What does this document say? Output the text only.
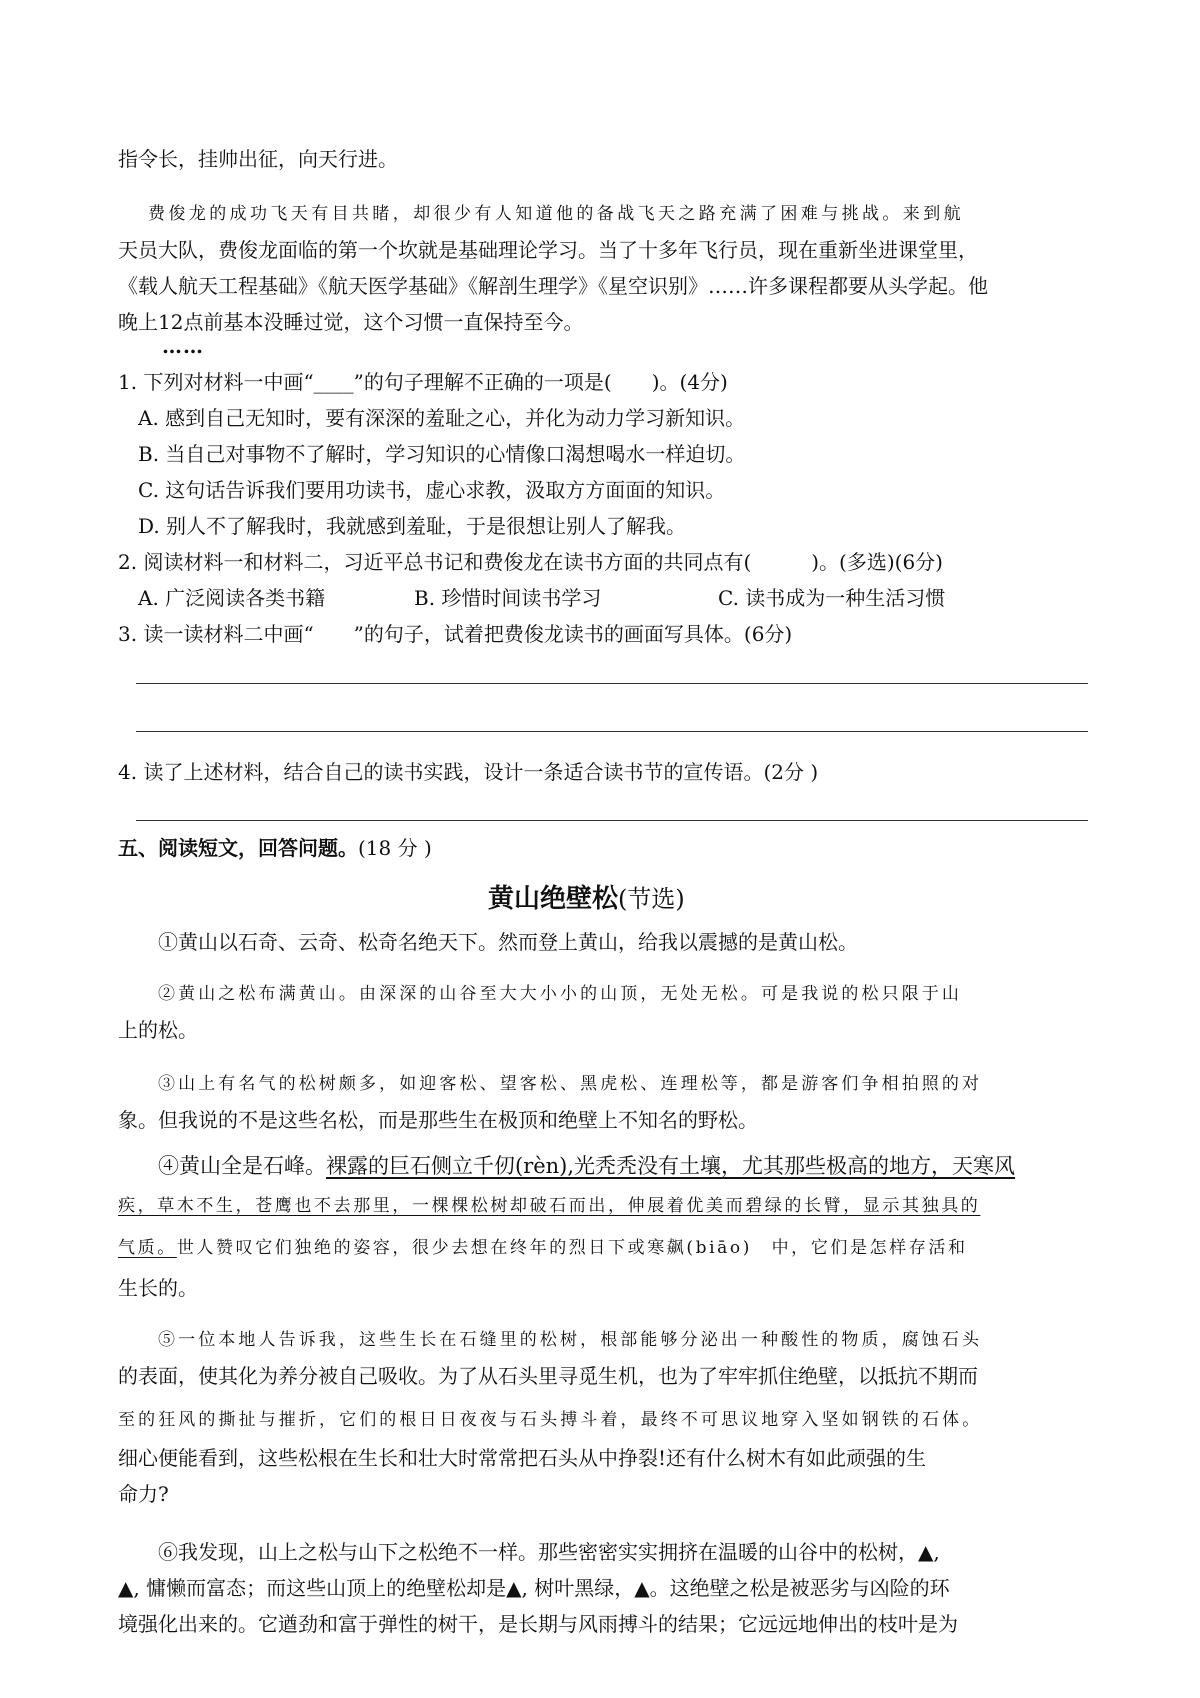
指令长，挂帅出征，向天行进。
费俊龙的成功飞天有目共睹，却很少有人知道他的备战飞天之路充满了困难与挑战。来到航
天员大队，费俊龙面临的第一个坎就是基础理论学习。当了十多年飞行员，现在重新坐进课堂里，
《载人航天工程基础》《航天医学基础》《解剖生理学》《星空识别》……许多课程都要从头学起。他
晚上12点前基本没睡过觉，这个习惯一直保持至今。
……
1. 下列对材料一中画“____”的句子理解不正确的一项是(　　)。(4分)
A. 感到自己无知时，要有深深的羞耻之心，并化为动力学习新知识。
B. 当自己对事物不了解时，学习知识的心情像口渴想喝水一样迫切。
C. 这句话告诉我们要用功读书，虚心求教，汲取方方面面的知识。
D. 别人不了解我时，我就感到羞耻，于是很想让别人了解我。
2. 阅读材料一和材料二，习近平总书记和费俊龙在读书方面的共同点有(　　　)。(多选)(6分)
A. 广泛阅读各类书籍	B. 珍惜时间读书学习	C. 读书成为一种生活习惯
3. 读一读材料二中画“　　”的句子，试着把费俊龙读书的画面写具体。(6分)
4. 读了上述材料，结合自己的读书实践，设计一条适合读书节的宣传语。(2分 )
五、阅读短文，回答问题。(18 分 )
黄山绝壁松(节选)
①黄山以石奇、云奇、松奇名绝天下。然而登上黄山，给我以震撼的是黄山松。
②黄山之松布满黄山。由深深的山谷至大大小小的山顶，无处无松。可是我说的松只限于山
上的松。
③山上有名气的松树颇多，如迎客松、望客松、黑虎松、连理松等，都是游客们争相拍照的对
象。但我说的不是这些名松，而是那些生在极顶和绝壁上不知名的野松。
④黄山全是石峰。裸露的巨石侧立千仞(rèn),光秃秃没有土壤，尤其那些极高的地方，天寒风
疾，草木不生，苍鹰也不去那里，一棵棵松树却破石而出，伸展着优美而碧绿的长臂，显示其独具的
气质。世人赞叹它们独绝的姿容，很少去想在终年的烈日下或寒飙(biāo)　中，它们是怎样存活和
生长的。
⑤一位本地人告诉我，这些生长在石缝里的松树，根部能够分泌出一种酸性的物质，腐蚀石头
的表面，使其化为养分被自己吸收。为了从石头里寻觅生机，也为了牢牢抓住绝壁，以抵抗不期而
至的狂风的撕扯与摧折，它们的根日日夜夜与石头搏斗着，最终不可思议地穿入坚如钢铁的石体。
细心便能看到，这些松根在生长和壮大时常常把石头从中挣裂!还有什么树木有如此顽强的生
命力?
⑥我发现，山上之松与山下之松绝不一样。那些密密实实拥挤在温暖的山谷中的松树，▲,
▲, 慵懒而富态；而这些山顶上的绝壁松却是▲, 树叶黑绿，▲。这绝壁之松是被恶劣与凶险的环
境强化出来的。它遒劲和富于弹性的树干，是长期与风雨搏斗的结果；它远远地伸出的枝叶是为
